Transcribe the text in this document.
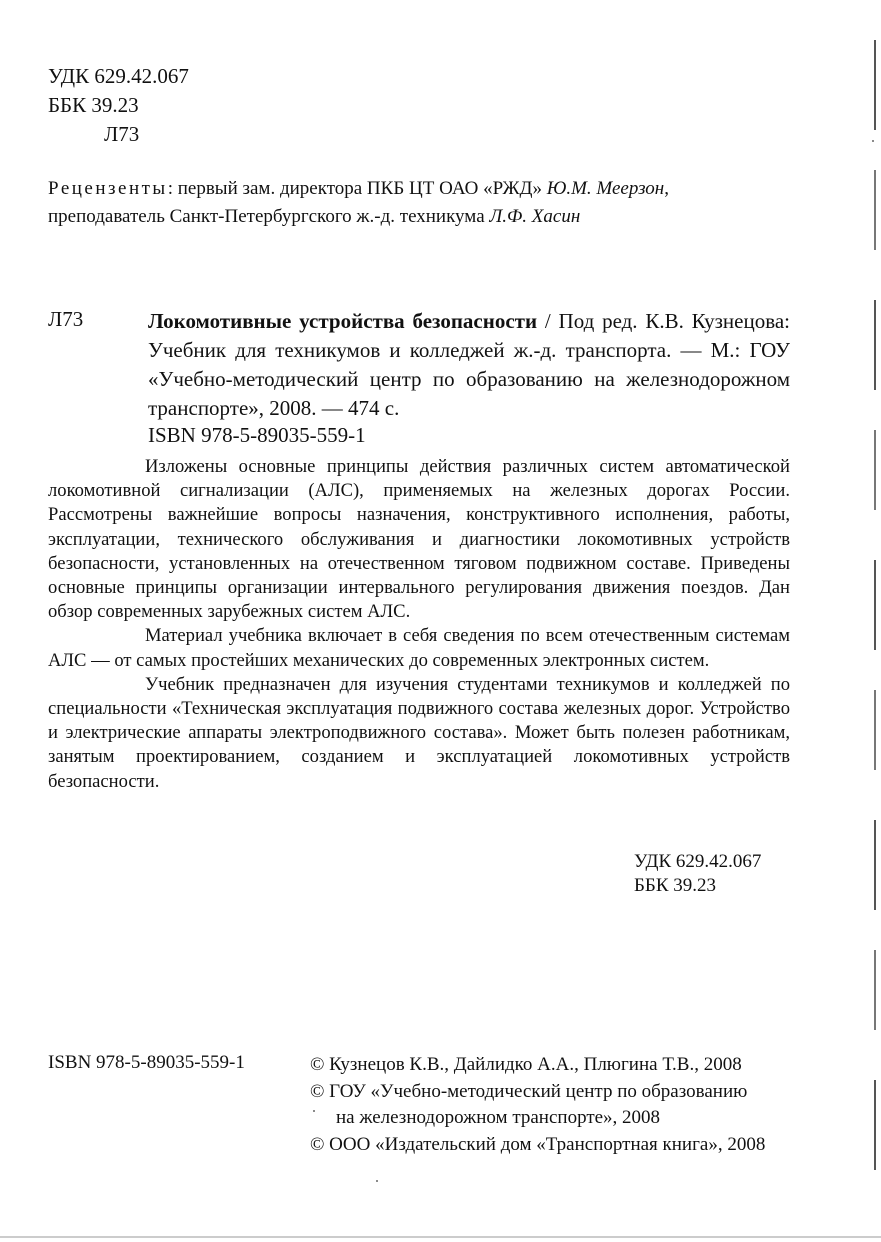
УДК 629.42.067
ББК 39.23
Л73
Рецензенты: первый зам. директора ПКБ ЦТ ОАО «РЖД» Ю.М. Меерзон,
преподаватель Санкт-Петербургского ж.-д. техникума Л.Ф. Хасин
Л73	Локомотивные устройства безопасности / Под ред. К.В. Кузнецова: Учебник для техникумов и колледжей ж.-д. транспорта. — М.: ГОУ «Учебно-методический центр по образованию на железнодорожном транспорте», 2008. — 474 с.
ISBN 978-5-89035-559-1

Изложены основные принципы действия различных систем автоматической локомотивной сигнализации (АЛС), применяемых на железных дорогах России. Рассмотрены важнейшие вопросы назначения, конструктивного исполнения, работы, эксплуатации, технического обслуживания и диагностики локомотивных устройств безопасности, установленных на отечественном тяговом подвижном составе. Приведены основные принципы организации интервального регулирования движения поездов. Дан обзор современных зарубежных систем АЛС.

Материал учебника включает в себя сведения по всем отечественным системам АЛС — от самых простейших механических до современных электронных систем.

Учебник предназначен для изучения студентами техникумов и колледжей по специальности «Техническая эксплуатация подвижного состава железных дорог. Устройство и электрические аппараты электроподвижного состава». Может быть полезен работникам, занятым проектированием, созданием и эксплуатацией локомотивных устройств безопасности.

УДК 629.42.067
ББК 39.23
ISBN 978-5-89035-559-1	© Кузнецов К.В., Дайлидко А.А., Плюгина Т.В., 2008
© ГОУ «Учебно-методический центр по образованию
на железнодорожном транспорте», 2008
© ООО «Издательский дом «Транспортная книга», 2008
